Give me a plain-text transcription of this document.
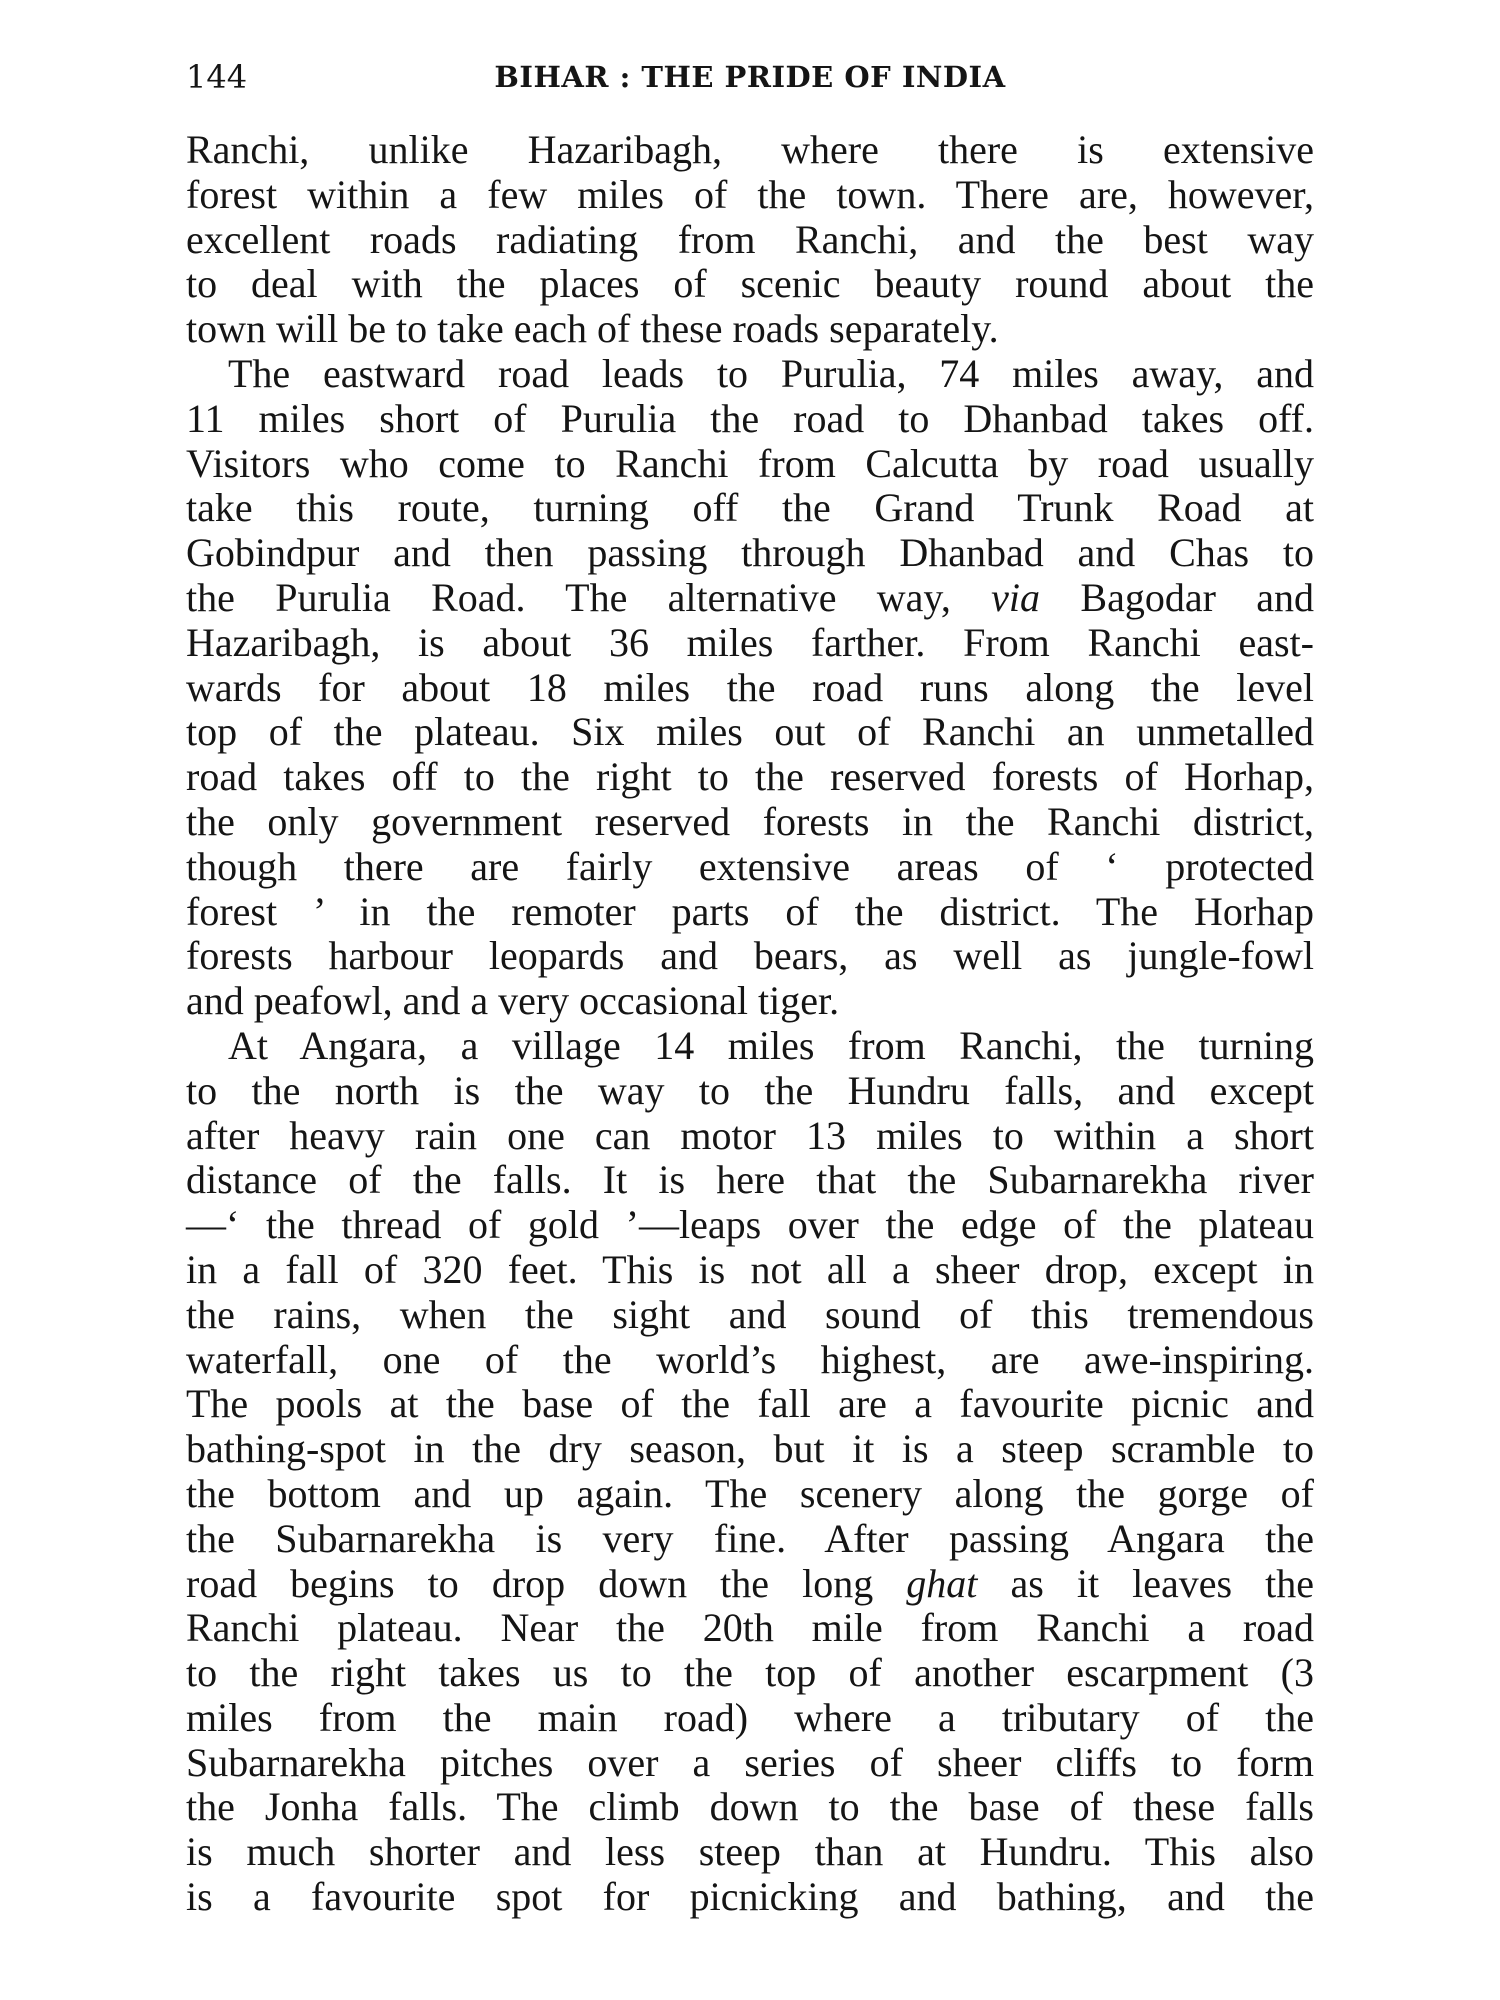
144	BIHAR : THE PRIDE OF INDIA
Ranchi, unlike Hazaribagh, where there is extensive
forest within a few miles of the town. There are, however,
excellent roads radiating from Ranchi, and the best way
to deal with the places of scenic beauty round about the
town will be to take each of these roads separately.
The eastward road leads to Purulia, 74 miles away, and
11 miles short of Purulia the road to Dhanbad takes off.
Visitors who come to Ranchi from Calcutta by road usually
take this route, turning off the Grand Trunk Road at
Gobindpur and then passing through Dhanbad and Chas to
the Purulia Road. The alternative way, via Bagodar and
Hazaribagh, is about 36 miles farther. From Ranchi east-
wards for about 18 miles the road runs along the level
top of the plateau. Six miles out of Ranchi an unmetalled
road takes off to the right to the reserved forests of Horhap,
the only government reserved forests in the Ranchi district,
though there are fairly extensive areas of ‘ protected
forest ’ in the remoter parts of the district. The Horhap
forests harbour leopards and bears, as well as jungle-fowl
and peafowl, and a very occasional tiger.
At Angara, a village 14 miles from Ranchi, the turning
to the north is the way to the Hundru falls, and except
after heavy rain one can motor 13 miles to within a short
distance of the falls. It is here that the Subarnarekha river
—‘ the thread of gold ’—leaps over the edge of the plateau
in a fall of 320 feet. This is not all a sheer drop, except in
the rains, when the sight and sound of this tremendous
waterfall, one of the world’s highest, are awe-inspiring.
The pools at the base of the fall are a favourite picnic and
bathing-spot in the dry season, but it is a steep scramble to
the bottom and up again. The scenery along the gorge of
the Subarnarekha is very fine. After passing Angara the
road begins to drop down the long ghat as it leaves the
Ranchi plateau. Near the 20th mile from Ranchi a road
to the right takes us to the top of another escarpment (3
miles from the main road) where a tributary of the
Subarnarekha pitches over a series of sheer cliffs to form
the Jonha falls. The climb down to the base of these falls
is much shorter and less steep than at Hundru. This also
is a favourite spot for picnicking and bathing, and the
